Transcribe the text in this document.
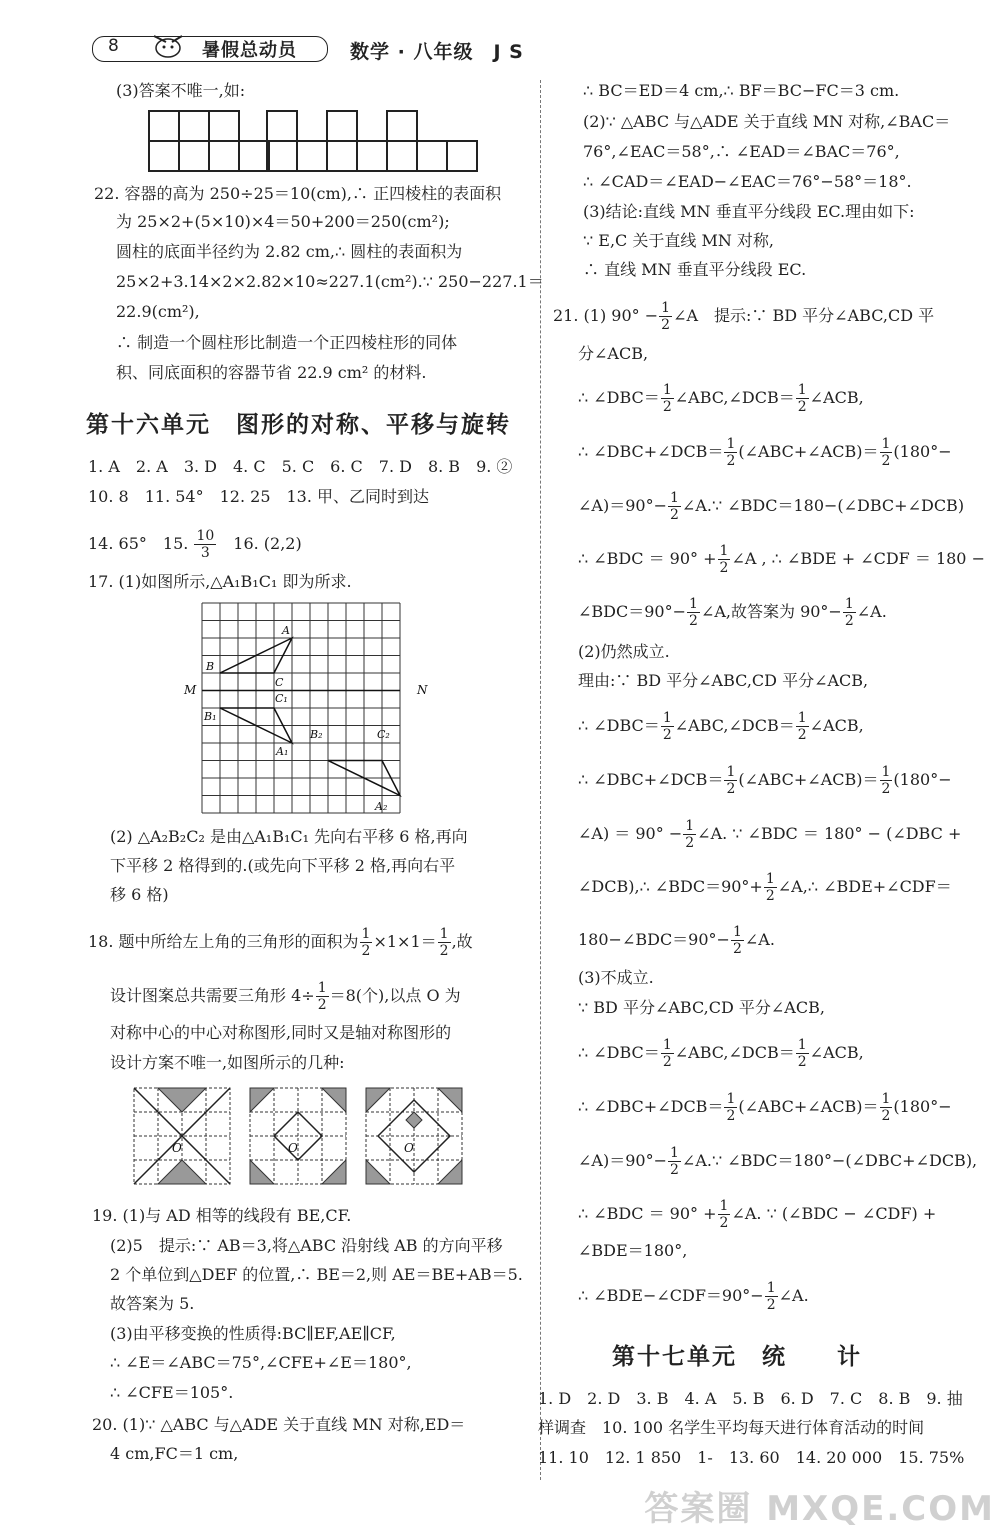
8	暑假总动员	数学 · 八年级　J S
(3)答案不唯一,如:
22. 容器的高为 250÷25＝10(cm),∴ 正四棱柱的表面积
为 25×2+(5×10)×4＝50+200＝250(cm²);
圆柱的底面半径约为 2.82 cm,∴ 圆柱的表面积为
25×2+3.14×2×2.82×10≈227.1(cm²).∵ 250−227.1＝
22.9(cm²),
∴ 制造一个圆柱形比制造一个正四棱柱形的同体
积、同底面积的容器节省 22.9 cm² 的材料.
第十六单元　图形的对称、平移与旋转
1. A　2. A　3. D　4. C　5. C　6. C　7. D　8. B　9. ②
10. 8　11. 54°　12. 25　13. 甲、乙同时到达
14. 65°　15. $\frac{10}{3}$ 　16. (2,2)
17. (1)如图所示,△A₁B₁C₁ 即为所求.
A
B
C
C₁
B₁
A₁
B₂	C₂
A₂
M	N
(2) △A₂B₂C₂ 是由△A₁B₁C₁ 先向右平移 6 格,再向
下平移 2 格得到的.(或先向下平移 2 格,再向右平
移 6 格)
18. 题中所给左上角的三角形的面积为 $\frac{1}{2} \times 1\times 1= \frac{1}{2}$ ,故
设计图案总共需要三角形 $4\div \frac{1}{2} =8$(个),以点 O 为
对称中心的中心对称图形,同时又是轴对称图形的
设计方案不唯一,如图所示的几种:
O	O	O
19. (1)与 AD 相等的线段有 BE,CF.
(2)5　提示:∵ AB＝3,将△ABC 沿射线 AB 的方向平移
2 个单位到△DEF 的位置,∴ BE＝2,则 AE＝BE+AB＝5.
故答案为 5.
(3)由平移变换的性质得:BC∥EF,AE∥CF,
∴ ∠E＝∠ABC＝75°,∠CFE+∠E＝180°,
∴ ∠CFE＝105°.
20. (1)∵ △ABC 与△ADE 关于直线 MN 对称,ED＝
4 cm,FC＝1 cm,
∴ BC＝ED＝4 cm,∴ BF＝BC−FC＝3 cm.
(2)∵ △ABC 与△ADE 关于直线 MN 对称,∠BAC＝
76°,∠EAC＝58°,∴ ∠EAD＝∠BAC＝76°,
∴ ∠CAD＝∠EAD−∠EAC＝76°−58°＝18°.
(3)结论:直线 MN 垂直平分线段 EC.理由如下:
∵ E,C 关于直线 MN 对称,
∴ 直线 MN 垂直平分线段 EC.
21. (1) $90^\circ - \frac{1}{2}$ ∠A　提示:∵ BD 平分∠ABC,CD 平
分∠ACB,
∴ ∠DBC＝ $\frac{1}{2}$ ∠ABC,∠DCB＝ $\frac{1}{2}$ ∠ACB,
∴ ∠DBC+∠DCB＝ $\frac{1}{2}$ (∠ABC+∠ACB)＝ $\frac{1}{2} (180^\circ-$
∠A)＝90°− $\frac{1}{2}$ ∠A.∵ ∠BDC＝180−(∠DBC+∠DCB)
∴ ∠BDC ＝ $90^\circ + \frac{1}{2}$ ∠A , ∴ ∠BDE + ∠CDF ＝ 180 −
∠BDC＝90°− $\frac{1}{2}$ ∠A,故答案为 $90^\circ- \frac{1}{2}$ ∠A.
(2)仍然成立.
理由:∵ BD 平分∠ABC,CD 平分∠ACB,
∴ ∠DBC＝ $\frac{1}{2}$ ∠ABC,∠DCB＝ $\frac{1}{2}$ ∠ACB,
∴ ∠DBC+∠DCB＝ $\frac{1}{2}$ (∠ABC+∠ACB)＝ $\frac{1}{2} (180^\circ-$
∠A) ＝ $90^\circ - \frac{1}{2}$ ∠A. ∵ ∠BDC ＝ 180° − (∠DBC +
∠DCB),∴ ∠BDC＝90°+ $\frac{1}{2}$ ∠A,∴ ∠BDE+∠CDF＝
180−∠BDC＝90°− $\frac{1}{2}$ ∠A.
(3)不成立.
∵ BD 平分∠ABC,CD 平分∠ACB,
∴ ∠DBC＝ $\frac{1}{2}$ ∠ABC,∠DCB＝ $\frac{1}{2}$ ∠ACB,
∴ ∠DBC+∠DCB＝ $\frac{1}{2}$ (∠ABC+∠ACB)＝ $\frac{1}{2} (180^\circ-$
∠A)＝90°− $\frac{1}{2}$ ∠A.∵ ∠BDC＝180°−(∠DBC+∠DCB),
∴ ∠BDC ＝ $90^\circ + \frac{1}{2}$ ∠A. ∵ (∠BDC − ∠CDF) +
∠BDE＝180°,
∴ ∠BDE−∠CDF＝90°− $\frac{1}{2}$ ∠A.
第十七单元　统　　计
1. D　2. D　3. B　4. A　5. B　6. D　7. C　8. B　9. 抽
样调查　10. 100 名学生平均每天进行体育活动的时间
11. 10　12. 1 850　1-　13. 60　14. 20 000　15. 75%
答案圈 MXQE.COM
